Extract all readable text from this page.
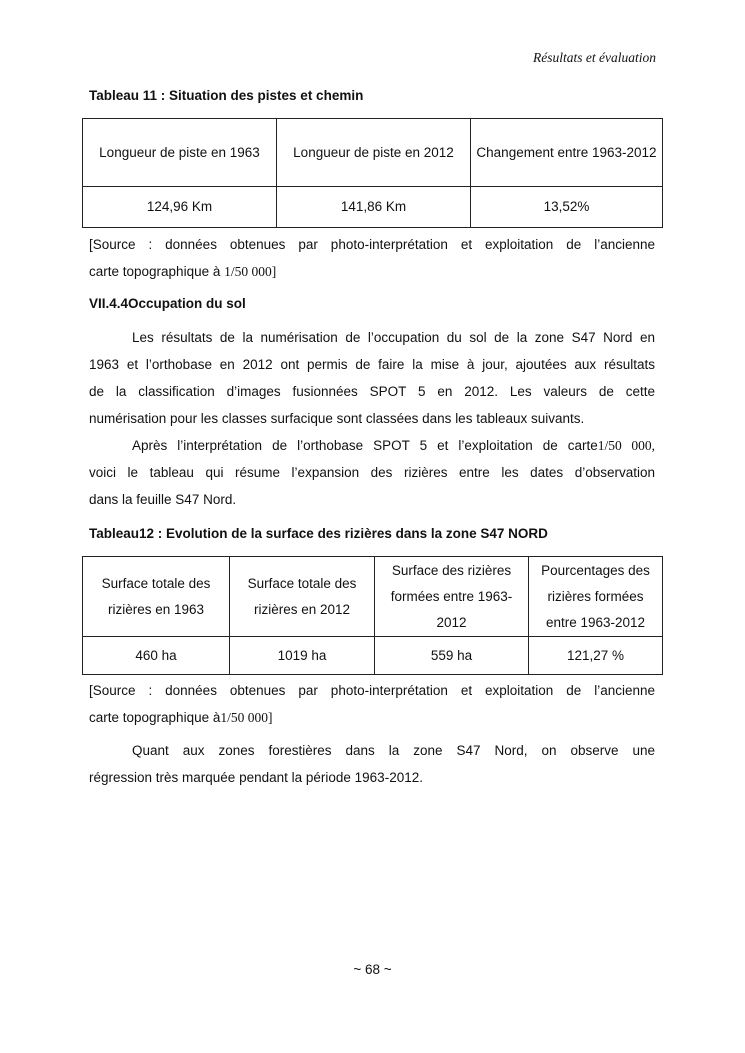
Résultats et évaluation
Tableau 11 : Situation des pistes et chemin
Longueur de piste en 1963	Longueur de piste en 2012	Changement entre 1963-2012
124,96 Km	141,86 Km	13,52%
[Source : données obtenues par photo-interprétation et exploitation de l’ancienne
carte topographique à 1/50 000]
VII.4.4Occupation du sol
Les résultats de la numérisation de l’occupation du sol de la zone S47 Nord en
1963 et l’orthobase en 2012 ont permis de faire la mise à jour, ajoutées aux résultats
de la classification d’images fusionnées SPOT 5 en 2012. Les valeurs de cette
numérisation pour les classes surfacique sont classées dans les tableaux suivants.
Après l’interprétation de l’orthobase SPOT 5 et l’exploitation de carte1/50 000,
voici le tableau qui résume l’expansion des rizières entre les dates d’observation
dans la feuille S47 Nord.
Tableau12 : Evolution de la surface des rizières dans la zone S47 NORD
Surface totale des rizières en 1963	Surface totale des rizières en 2012	Surface des rizières formées entre 1963-2012	Pourcentages des rizières formées entre 1963-2012
460 ha	1019 ha	559 ha	121,27 %
[Source : données obtenues par photo-interprétation et exploitation de l’ancienne
carte topographique à1/50 000]
Quant aux zones forestières dans la zone S47 Nord, on observe une
régression très marquée pendant la période 1963-2012.
~ 68 ~
